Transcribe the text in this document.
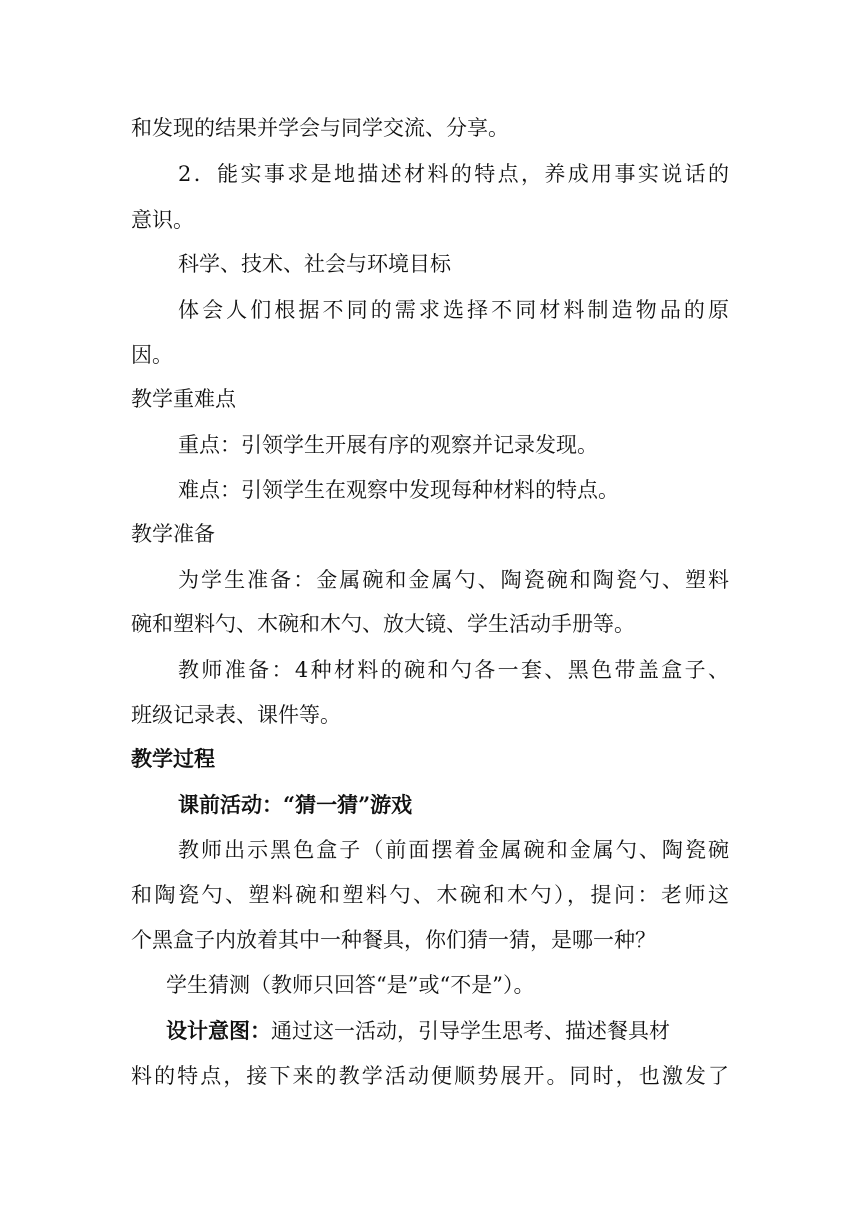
和发现的结果并学会与同学交流、分享。
2．能实事求是地描述材料的特点，养成用事实说话的
意识。
科学、技术、社会与环境目标
体会人们根据不同的需求选择不同材料制造物品的原
因。
教学重难点
重点：引领学生开展有序的观察并记录发现。
难点：引领学生在观察中发现每种材料的特点。
教学准备
为学生准备：金属碗和金属勺、陶瓷碗和陶瓷勺、塑料
碗和塑料勺、木碗和木勺、放大镜、学生活动手册等。
教师准备：4种材料的碗和勺各一套、黑色带盖盒子、
班级记录表、课件等。
教学过程
课前活动：“猜一猜”游戏
教师出示黑色盒子（前面摆着金属碗和金属勺、陶瓷碗
和陶瓷勺、塑料碗和塑料勺、木碗和木勺），提问：老师这
个黑盒子内放着其中一种餐具，你们猜一猜，是哪一种？
学生猜测（教师只回答“是”或“不是”）。
设计意图：通过这一活动，引导学生思考、描述餐具材
料的特点，接下来的教学活动便顺势展开。同时，也激发了
